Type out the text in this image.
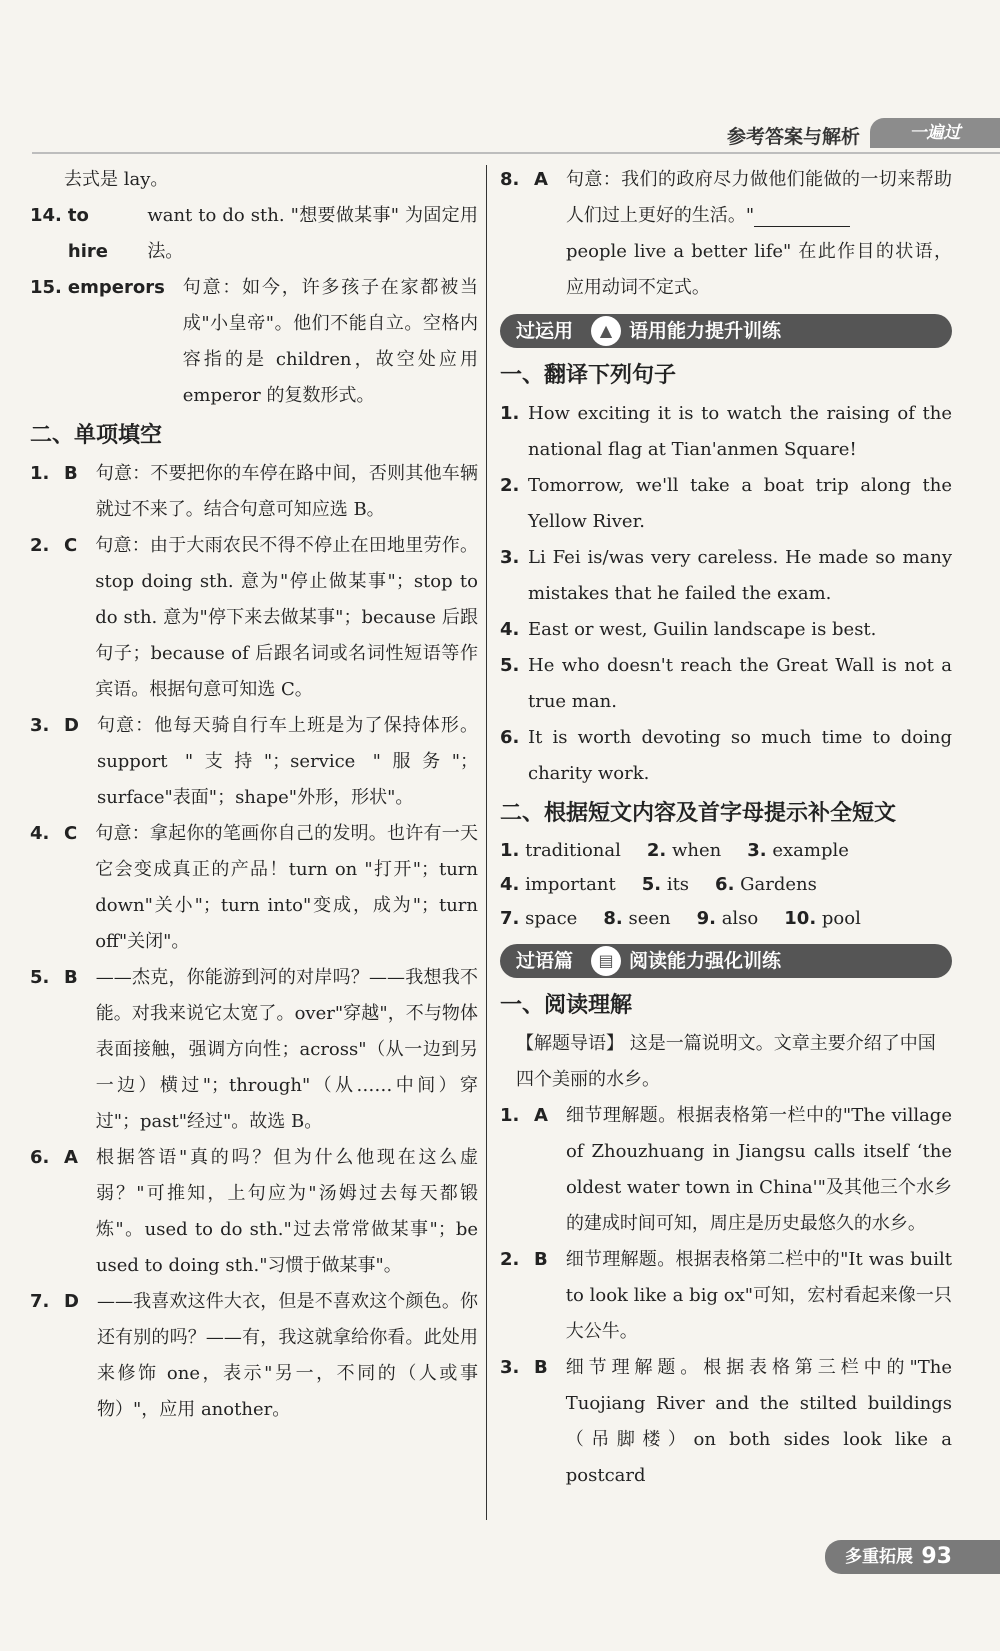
参考答案与解析	一遍过
去式是 lay。
14. to hire
want to do sth. "想要做某事" 为固定用法。
15. emperors 句意：如今，许多孩子在家都被当成"小皇帝"。他们不能自立。空格内容指的是 children，故空处应用 emperor 的复数形式。
二、单项填空
1. B 句意：不要把你的车停在路中间，否则其他车辆就过不来了。结合句意可知应选 B。
2. C 句意：由于大雨农民不得不停止在田地里劳作。stop doing sth. 意为"停止做某事"；stop to do sth. 意为"停下来去做某事"；because 后跟句子；because of 后跟名词或名词性短语等作宾语。根据句意可知选 C。
3. D 句意：他每天骑自行车上班是为了保持体形。support "支持"；service "服务"；surface"表面"；shape"外形，形状"。
4. C 句意：拿起你的笔画你自己的发明。也许有一天它会变成真正的产品！turn on "打开"；turn down"关小"；turn into"变成，成为"；turn off"关闭"。
5. B ——杰克，你能游到河的对岸吗？——我想我不能。对我来说它太宽了。over"穿越"，不与物体表面接触，强调方向性；across"（从一边到另一边）横过"；through"（从……中间）穿过"；past"经过"。故选 B。
6. A 根据答语"真的吗？但为什么他现在这么虚弱？"可推知，上句应为"汤姆过去每天都锻炼"。used to do sth."过去常常做某事"；be used to doing sth."习惯于做某事"。
7. D ——我喜欢这件大衣，但是不喜欢这个颜色。你还有别的吗？——有，我这就拿给你看。此处用来修饰 one，表示"另一，不同的（人或事物）"，应用 another。
8. A 句意：我们的政府尽力做他们能做的一切来帮助人们过上更好的生活。"
people live a better life" 在此作目的状语，应用动词不定式。
过运用	▲ 语用能力提升训练
一、翻译下列句子
1. How exciting it is to watch the raising of the national flag at Tian'anmen Square!
2. Tomorrow, we'll take a boat trip along the Yellow River.
3. Li Fei is/was very careless. He made so many mistakes that he failed the exam.
4. East or west, Guilin landscape is best.
5. He who doesn't reach the Great Wall is not a true man.
6. It is worth devoting so much time to doing charity work.
二、根据短文内容及首字母提示补全短文
1. traditional 2. when 3. example
4. important 5. its 6. Gardens
7. space 8. seen 9. also 10. pool
过语篇	▤ 阅读能力强化训练
一、阅读理解
【解题导语】 这是一篇说明文。文章主要介绍了中国四个美丽的水乡。
1. A 细节理解题。根据表格第一栏中的"The village of Zhouzhuang in Jiangsu calls itself ‘the oldest water town in China'"及其他三个水乡的建成时间可知，周庄是历史最悠久的水乡。
2. B 细节理解题。根据表格第二栏中的"It was built to look like a big ox"可知，宏村看起来像一只大公牛。
3. B 细节理解题。根据表格第三栏中的"The Tuojiang River and the stilted buildings（吊脚楼）on both sides look like a postcard
多重拓展 93
